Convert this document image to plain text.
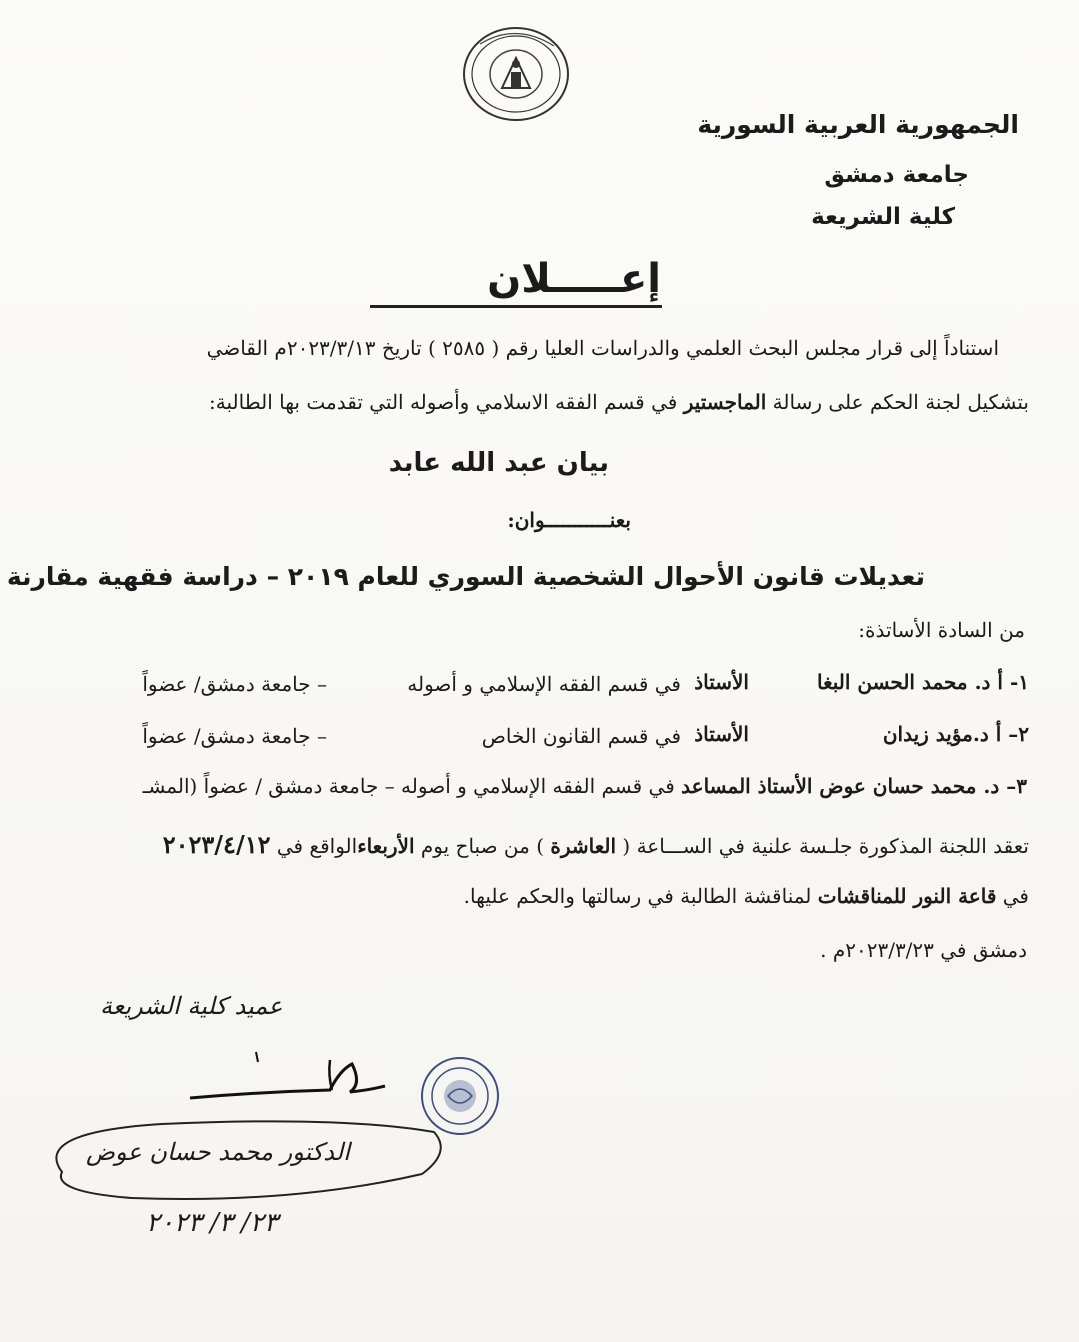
الجمهورية العربية السورية
جامعة دمشق
كلية الشريعة
إعـــــلان
استناداً إلى قرار مجلس البحث العلمي والدراسات العليا رقم ( ٢٥٨٥ ) تاريخ ٢٠٢٣/٣/١٣م القاضي
بتشكيل لجنة الحكم على رسالة الماجستير في قسم الفقه الاسلامي وأصوله التي تقدمت بها الطالبة:
بيان عبد الله عابد
بعنـــــــــــوان:
تعديلات قانون الأحوال الشخصية السوري للعام ٢٠١٩ – دراسة فقهية مقارنة
من السادة الأساتذة:
١- أ د. محمد الحسن البغا
الأستاذ
في قسم الفقه الإسلامي و أصوله
– جامعة دمشق/ عضواً
٢– أ د.مؤيد زيدان
الأستاذ
في قسم القانون الخاص
– جامعة دمشق/ عضواً
٣– د. محمد حسان عوض الأستاذ المساعد في قسم الفقه الإسلامي و أصوله – جامعة دمشق / عضواً (المشـ
تعقد اللجنة المذكورة جلـسة علنية في الســـاعة ( العاشرة ) من صباح يوم الأربعاءالواقع في ٢٠٢٣/٤/١٢
في قاعة النور للمناقشات لمناقشة الطالبة في رسالتها والحكم عليها.
دمشق في ٢٠٢٣/٣/٢٣م .
عميد كلية الشريعة
الدكتور محمد حسان عوض
٢٣/ ٣/ ٢٠٢٣
